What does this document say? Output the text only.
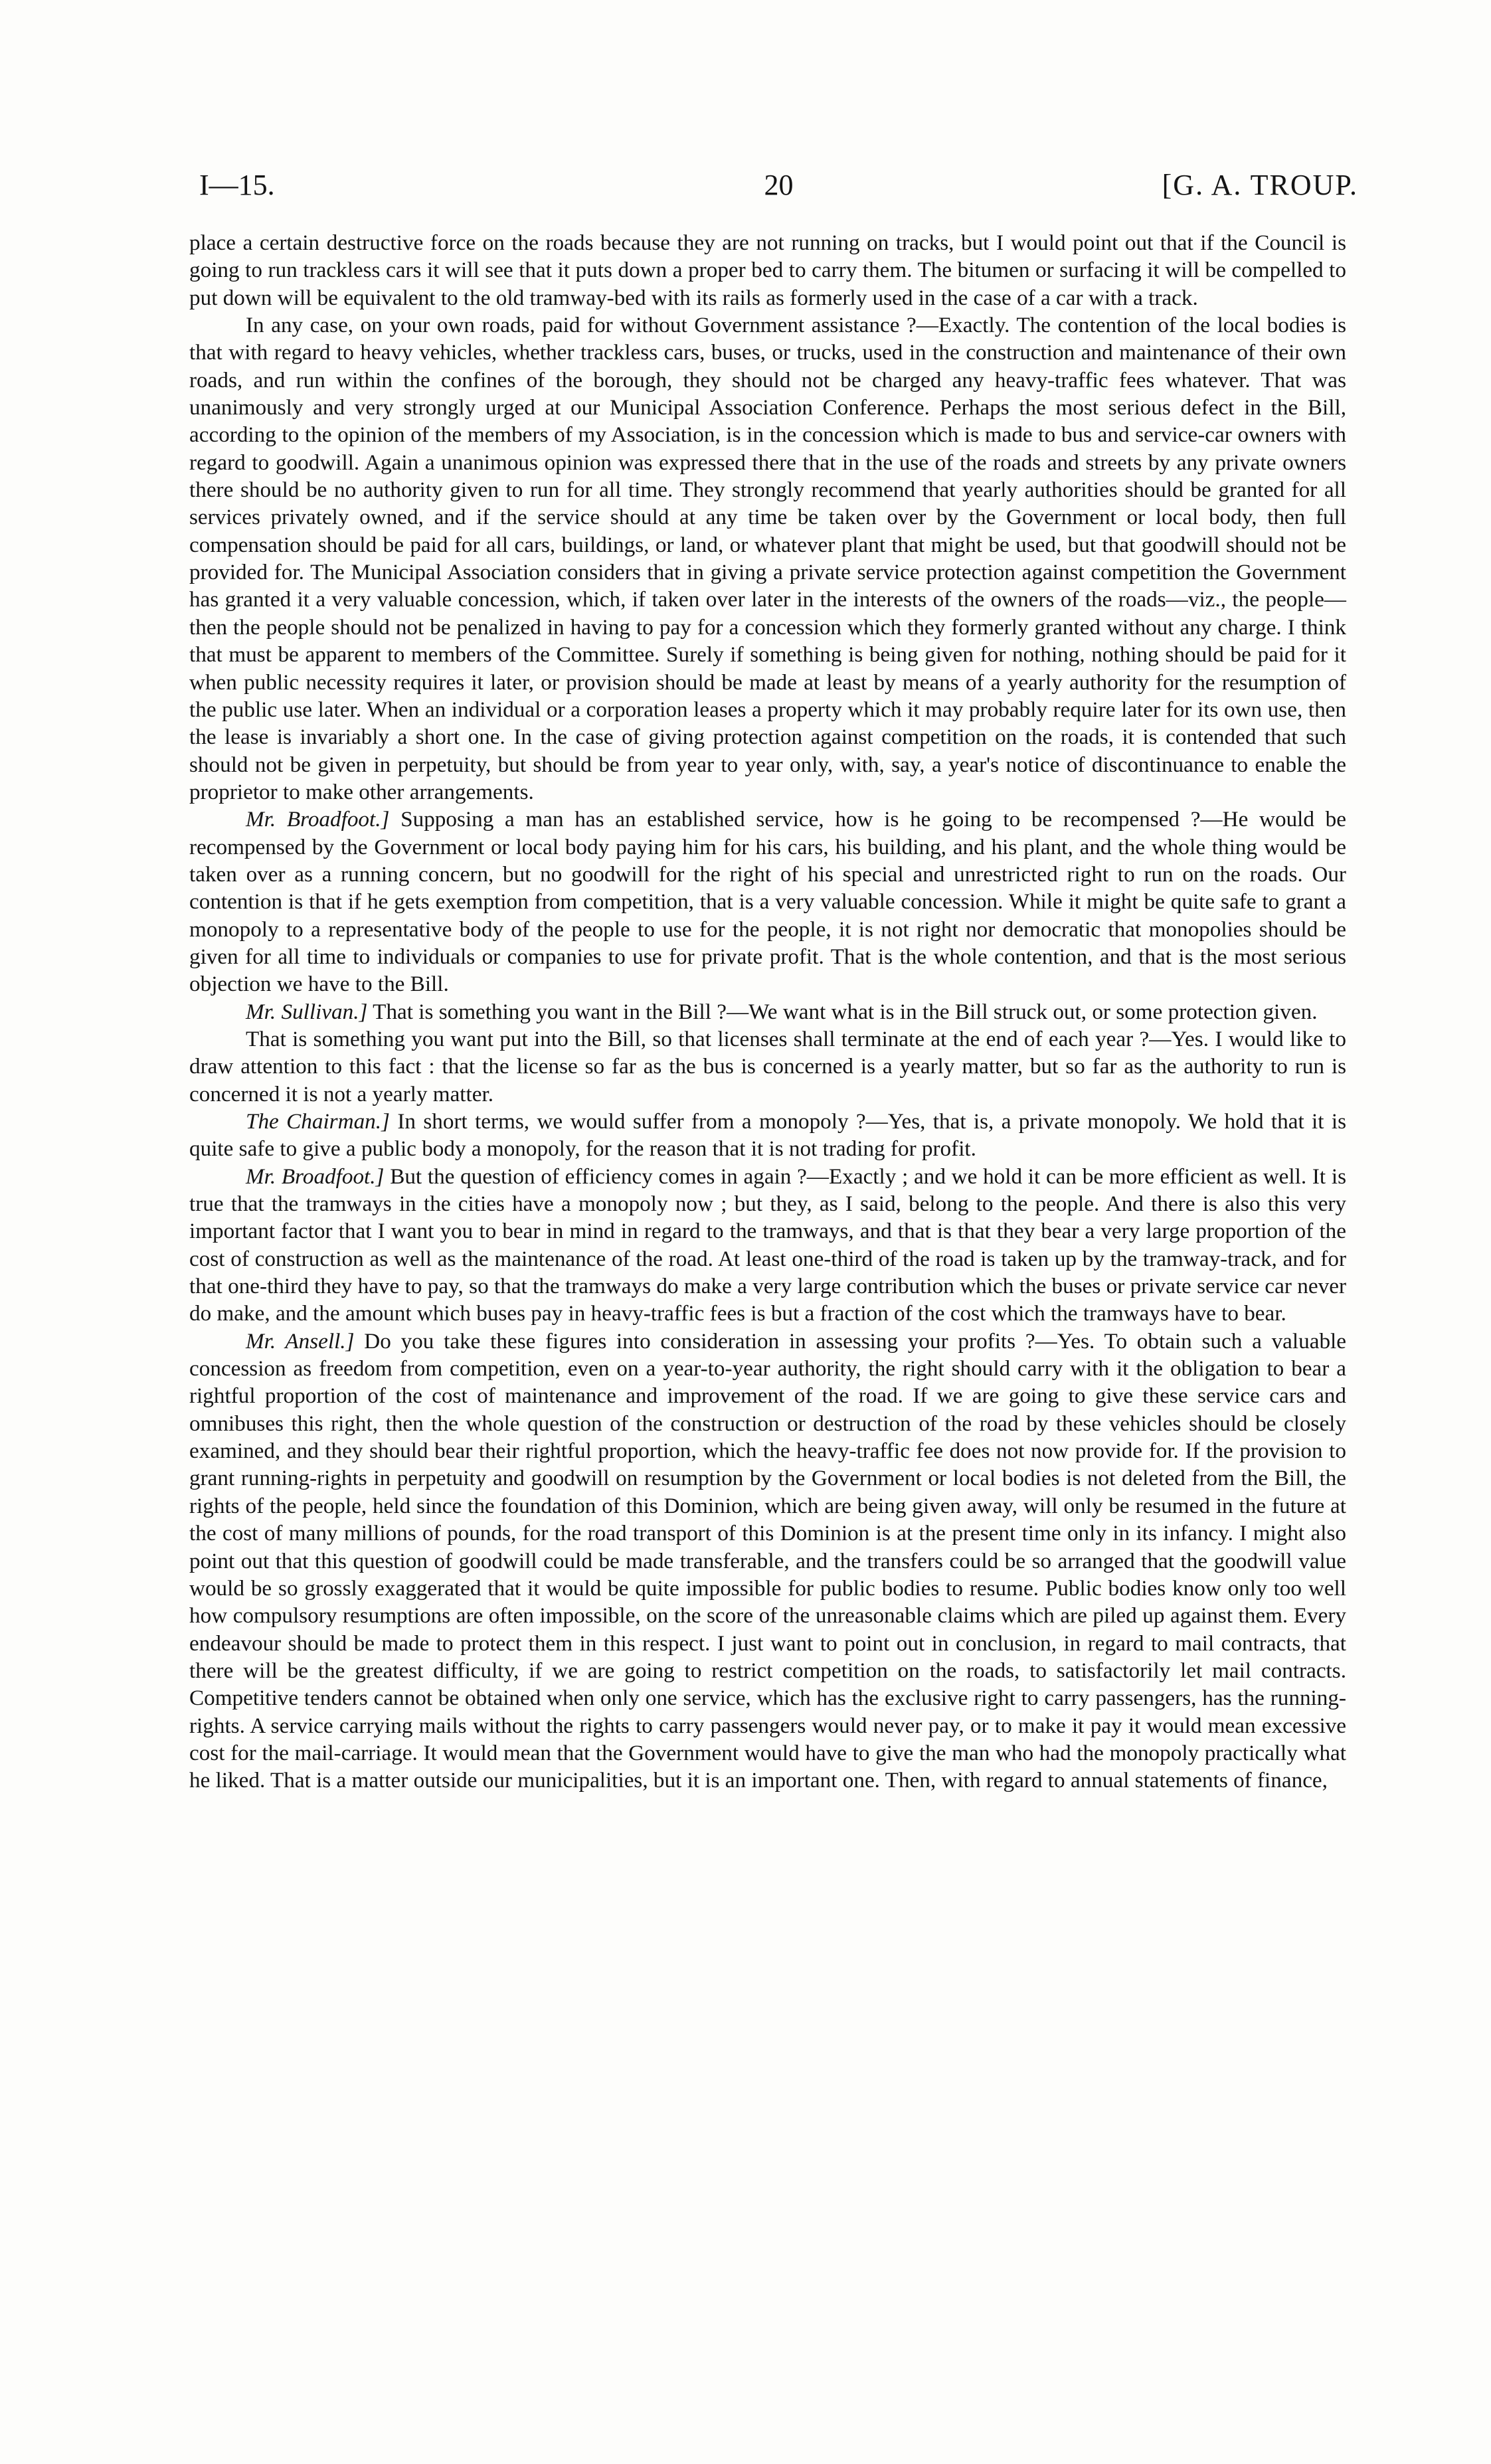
I—15.	20	[G. A. TROUP.

place a certain destructive force on the roads because they are not running on tracks, but I would point out that if the Council is going to run trackless cars it will see that it puts down a proper bed to carry them. The bitumen or surfacing it will be compelled to put down will be equivalent to the old tramway-bed with its rails as formerly used in the case of a car with a track.

In any case, on your own roads, paid for without Government assistance ?—Exactly. The contention of the local bodies is that with regard to heavy vehicles, whether trackless cars, buses, or trucks, used in the construction and maintenance of their own roads, and run within the confines of the borough, they should not be charged any heavy-traffic fees whatever. That was unanimously and very strongly urged at our Municipal Association Conference. Perhaps the most serious defect in the Bill, according to the opinion of the members of my Association, is in the concession which is made to bus and service-car owners with regard to goodwill. Again a unanimous opinion was expressed there that in the use of the roads and streets by any private owners there should be no authority given to run for all time. They strongly recommend that yearly authorities should be granted for all services privately owned, and if the service should at any time be taken over by the Government or local body, then full compensation should be paid for all cars, buildings, or land, or whatever plant that might be used, but that goodwill should not be provided for. The Municipal Association considers that in giving a private service protection against competition the Government has granted it a very valuable concession, which, if taken over later in the interests of the owners of the roads—viz., the people—then the people should not be penalized in having to pay for a concession which they formerly granted without any charge. I think that must be apparent to members of the Committee. Surely if something is being given for nothing, nothing should be paid for it when public necessity requires it later, or provision should be made at least by means of a yearly authority for the resumption of the public use later. When an individual or a corporation leases a property which it may probably require later for its own use, then the lease is invariably a short one. In the case of giving protection against competition on the roads, it is contended that such should not be given in perpetuity, but should be from year to year only, with, say, a year's notice of discontinuance to enable the proprietor to make other arrangements.

Mr. Broadfoot.] Supposing a man has an established service, how is he going to be recompensed ?—He would be recompensed by the Government or local body paying him for his cars, his building, and his plant, and the whole thing would be taken over as a running concern, but no goodwill for the right of his special and unrestricted right to run on the roads. Our contention is that if he gets exemption from competition, that is a very valuable concession. While it might be quite safe to grant a monopoly to a representative body of the people to use for the people, it is not right nor democratic that monopolies should be given for all time to individuals or companies to use for private profit. That is the whole contention, and that is the most serious objection we have to the Bill.

Mr. Sullivan.] That is something you want in the Bill ?—We want what is in the Bill struck out, or some protection given.

That is something you want put into the Bill, so that licenses shall terminate at the end of each year ?—Yes. I would like to draw attention to this fact : that the license so far as the bus is concerned is a yearly matter, but so far as the authority to run is concerned it is not a yearly matter.

The Chairman.] In short terms, we would suffer from a monopoly ?—Yes, that is, a private monopoly. We hold that it is quite safe to give a public body a monopoly, for the reason that it is not trading for profit.

Mr. Broadfoot.] But the question of efficiency comes in again ?—Exactly ; and we hold it can be more efficient as well. It is true that the tramways in the cities have a monopoly now ; but they, as I said, belong to the people. And there is also this very important factor that I want you to bear in mind in regard to the tramways, and that is that they bear a very large proportion of the cost of construction as well as the maintenance of the road. At least one-third of the road is taken up by the tramway-track, and for that one-third they have to pay, so that the tramways do make a very large contribution which the buses or private service car never do make, and the amount which buses pay in heavy-traffic fees is but a fraction of the cost which the tramways have to bear.

Mr. Ansell.] Do you take these figures into consideration in assessing your profits ?—Yes. To obtain such a valuable concession as freedom from competition, even on a year-to-year authority, the right should carry with it the obligation to bear a rightful proportion of the cost of maintenance and improvement of the road. If we are going to give these service cars and omnibuses this right, then the whole question of the construction or destruction of the road by these vehicles should be closely examined, and they should bear their rightful proportion, which the heavy-traffic fee does not now provide for. If the provision to grant running-rights in perpetuity and goodwill on resumption by the Government or local bodies is not deleted from the Bill, the rights of the people, held since the foundation of this Dominion, which are being given away, will only be resumed in the future at the cost of many millions of pounds, for the road transport of this Dominion is at the present time only in its infancy. I might also point out that this question of goodwill could be made transferable, and the transfers could be so arranged that the goodwill value would be so grossly exaggerated that it would be quite impossible for public bodies to resume. Public bodies know only too well how compulsory resumptions are often impossible, on the score of the unreasonable claims which are piled up against them. Every endeavour should be made to protect them in this respect. I just want to point out in conclusion, in regard to mail contracts, that there will be the greatest difficulty, if we are going to restrict competition on the roads, to satisfactorily let mail contracts. Competitive tenders cannot be obtained when only one service, which has the exclusive right to carry passengers, has the running-rights. A service carrying mails without the rights to carry passengers would never pay, or to make it pay it would mean excessive cost for the mail-carriage. It would mean that the Government would have to give the man who had the monopoly practically what he liked. That is a matter outside our municipalities, but it is an important one. Then, with regard to annual statements of finance,
